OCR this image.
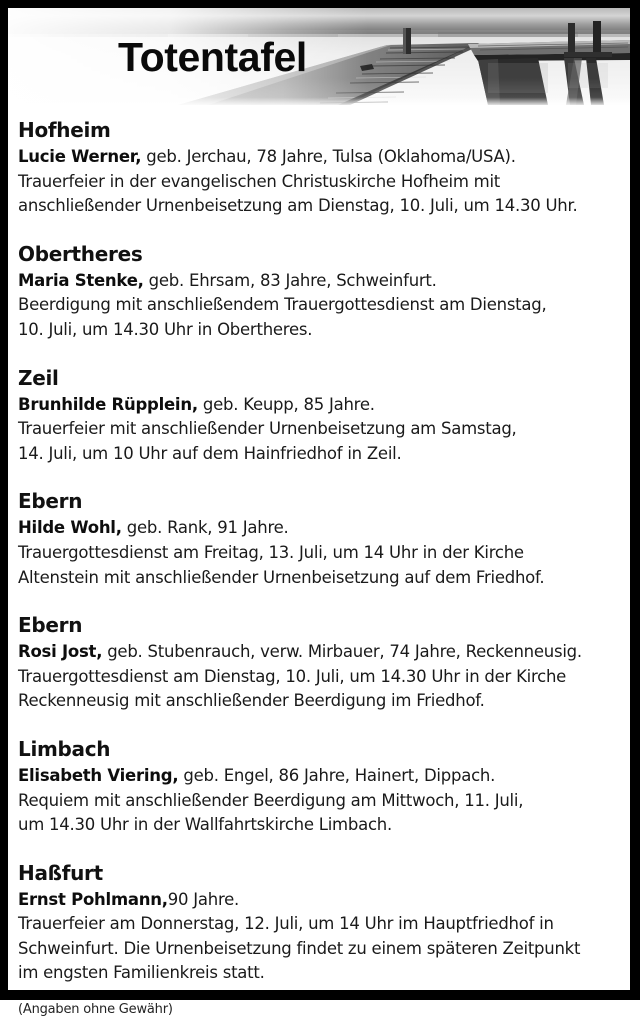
Totentafel
Hofheim
Lucie Werner, geb. Jerchau, 78 Jahre, Tulsa (Oklahoma/USA).
Trauerfeier in der evangelischen Christuskirche Hofheim mit
anschließender Urnenbeisetzung am Dienstag, 10. Juli, um 14.30 Uhr.
Obertheres
Maria Stenke, geb. Ehrsam, 83 Jahre, Schweinfurt.
Beerdigung mit anschließendem Trauergottesdienst am Dienstag,
10. Juli, um 14.30 Uhr in Obertheres.
Zeil
Brunhilde Rüpplein, geb. Keupp, 85 Jahre.
Trauerfeier mit anschließender Urnenbeisetzung am Samstag,
14. Juli, um 10 Uhr auf dem Hainfriedhof in Zeil.
Ebern
Hilde Wohl, geb. Rank, 91 Jahre.
Trauergottesdienst am Freitag, 13. Juli, um 14 Uhr in der Kirche
Altenstein mit anschließender Urnenbeisetzung auf dem Friedhof.
Ebern
Rosi Jost, geb. Stubenrauch, verw. Mirbauer, 74 Jahre, Reckenneusig.
Trauergottesdienst am Dienstag, 10. Juli, um 14.30 Uhr in der Kirche
Reckenneusig mit anschließender Beerdigung im Friedhof.
Limbach
Elisabeth Viering, geb. Engel, 86 Jahre, Hainert, Dippach.
Requiem mit anschließender Beerdigung am Mittwoch, 11. Juli,
um 14.30 Uhr in der Wallfahrtskirche Limbach.
Haßfurt
Ernst Pohlmann,90 Jahre.
Trauerfeier am Donnerstag, 12. Juli, um 14 Uhr im Hauptfriedhof in
Schweinfurt. Die Urnenbeisetzung findet zu einem späteren Zeitpunkt
im engsten Familienkreis statt.
(Angaben ohne Gewähr)
